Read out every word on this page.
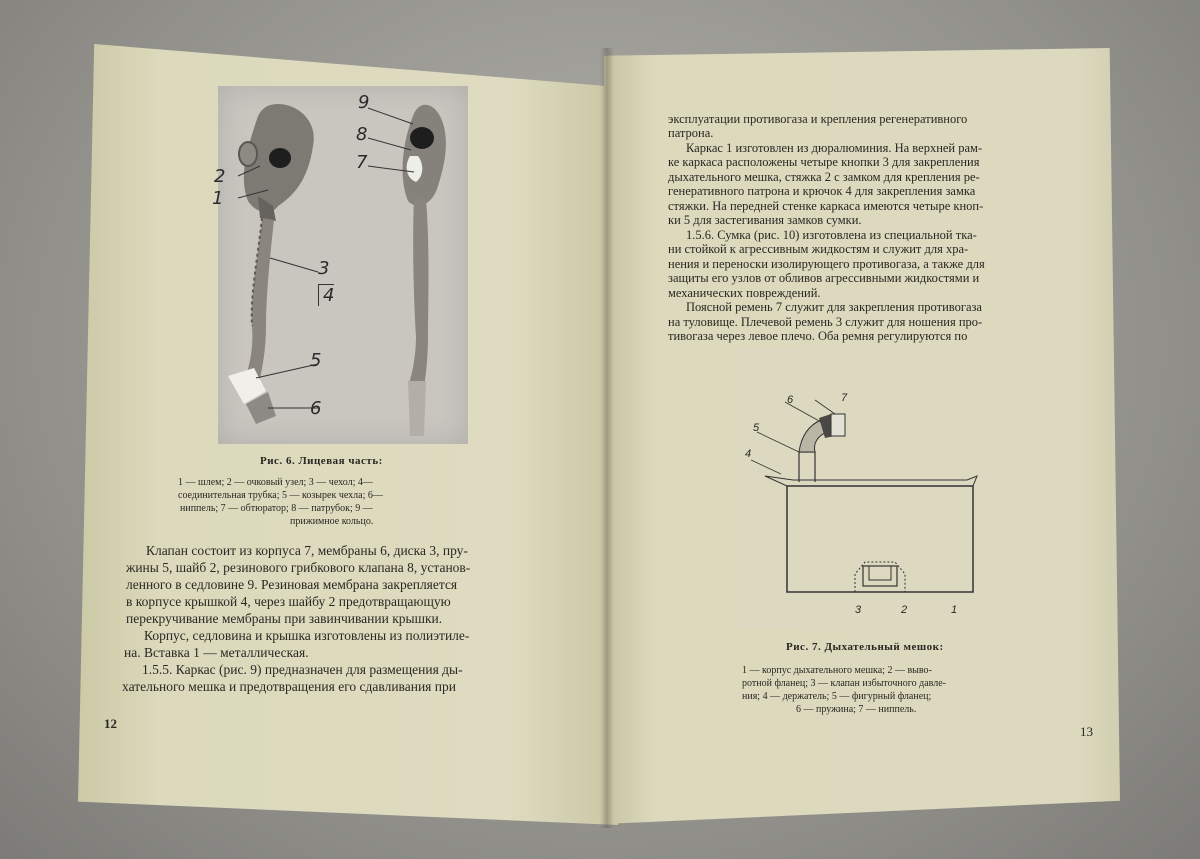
9
8
7
2
1
3
4
5
6
Рис. 6. Лицевая часть:
1 — шлем; 2 — очковый узел; 3 — чехол; 4—
соединительная трубка; 5 — козырек чехла; 6—
ниппель; 7 — обтюратор; 8 — патрубок; 9 —
прижимное кольцо.
Клапан состоит из корпуса 7, мембраны 6, диска 3, пру-
жины 5, шайб 2, резинового грибкового клапана 8, установ-
ленного в седловине 9. Резиновая мембрана закрепляется
в корпусе крышкой 4, через шайбу 2 предотвращающую
перекручивание мембраны при завинчивании крышки.
Корпус, седловина и крышка изготовлены из полиэтиле-
на. Вставка 1 — металлическая.
1.5.5. Каркас (рис. 9) предназначен для размещения ды-
хательного мешка и предотвращения его сдавливания при
12
эксплуатации противогаза и крепления регенеративного
патрона.
Каркас 1 изготовлен из дюралюминия. На верхней рам-
ке каркаса расположены четыре кнопки 3 для закрепления
дыхательного мешка, стяжка 2 с замком для крепления ре-
генеративного патрона и крючок 4 для закрепления замка
стяжки. На передней стенке каркаса имеются четыре кноп-
ки 5 для застегивания замков сумки.
1.5.6. Сумка (рис. 10) изготовлена из специальной тка-
ни стойкой к агрессивным жидкостям и служит для хра-
нения и переноски изолирующего противогаза, а также для
защиты его узлов от обливов агрессивными жидкостями и
механических повреждений.
Поясной ремень 7 служит для закрепления противогаза
на туловище. Плечевой ремень 3 служит для ношения про-
тивогаза через левое плечо. Оба ремня регулируются по
6	7
5
4
3	2	1
Рис. 7. Дыхательный мешок:
1 — корпус дыхательного мешка; 2 — выво-
ротной фланец; 3 — клапан избыточного давле-
ния; 4 — держатель; 5 — фигурный фланец;
6 — пружина; 7 — ниппель.
13
